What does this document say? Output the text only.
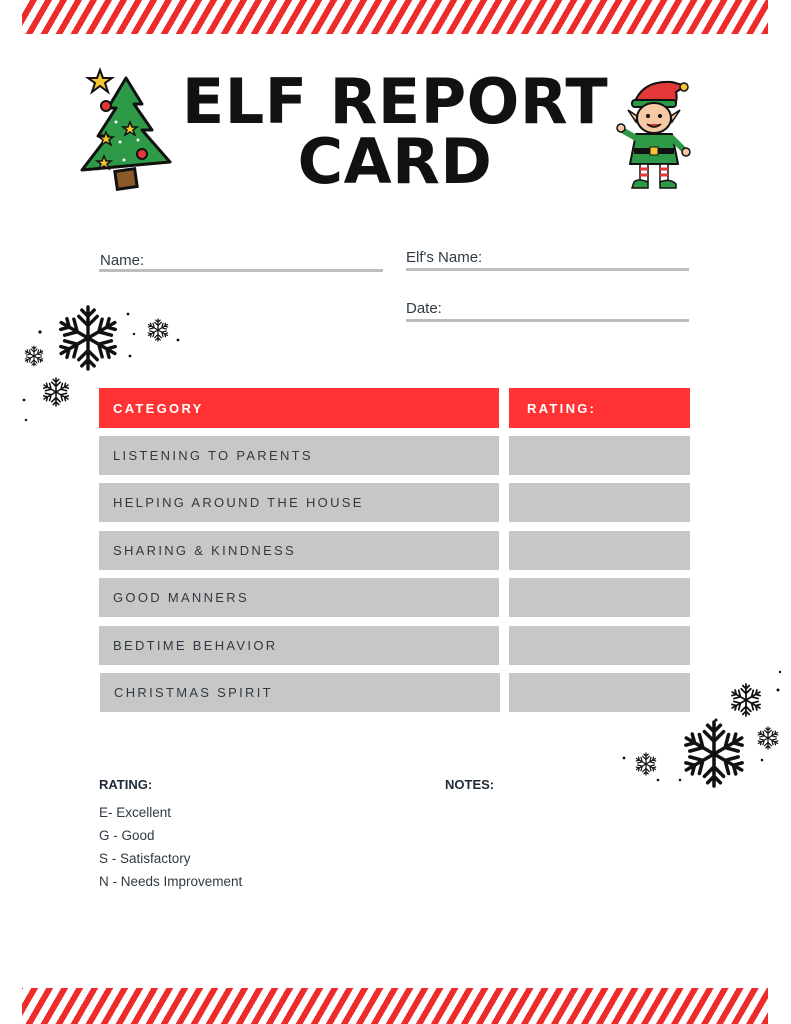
ELF REPORT
CARD
Name:	Elf's Name:
Date:
CATEGORY	RATING:
LISTENING TO PARENTS
HELPING AROUND THE HOUSE
SHARING & KINDNESS
GOOD MANNERS
BEDTIME BEHAVIOR
CHRISTMAS SPIRIT
RATING:
E- Excellent
G - Good
S - Satisfactory
N - Needs Improvement
NOTES:
